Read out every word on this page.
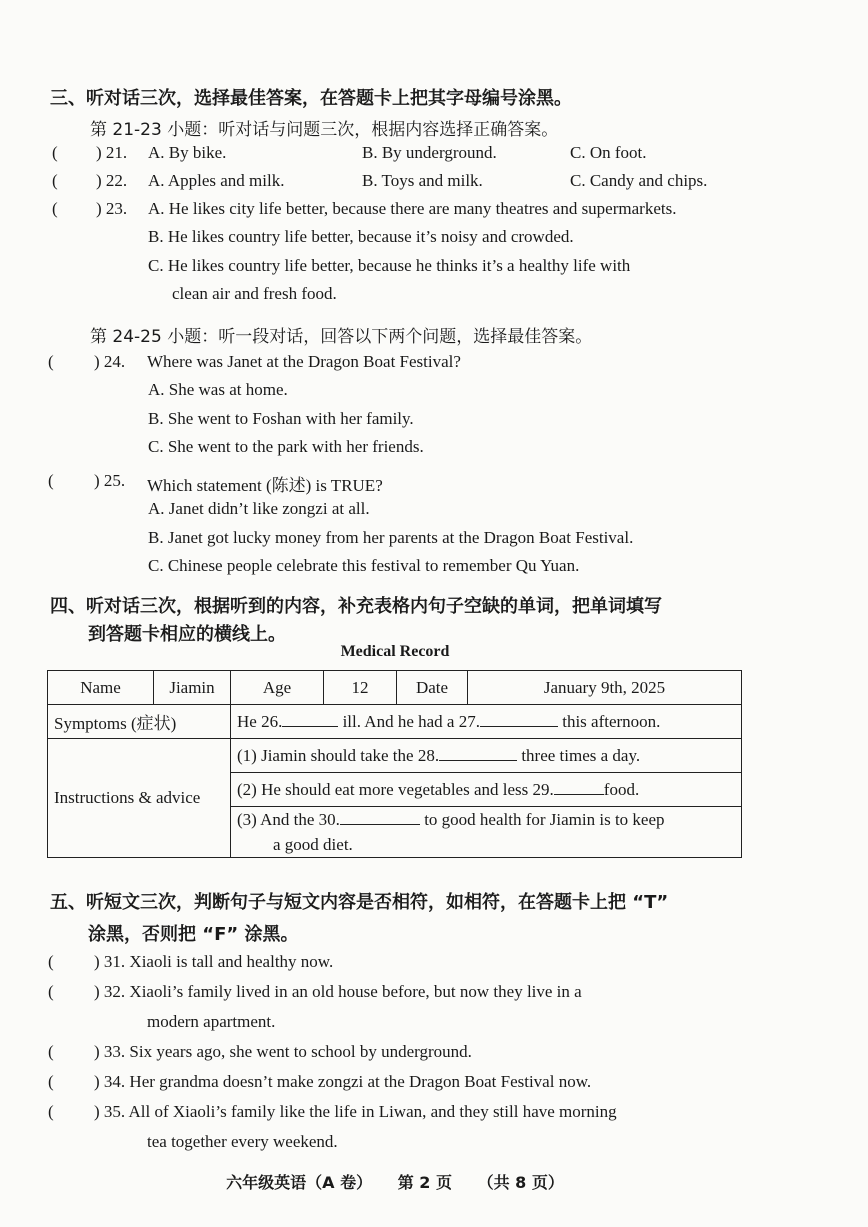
三、听对话三次，选择最佳答案，在答题卡上把其字母编号涂黑。
第 21-23 小题：听对话与问题三次，根据内容选择正确答案。
( ) 21. A. By bike.	B. By underground.	C. On foot.
( ) 22. A. Apples and milk.	B. Toys and milk.	C. Candy and chips.
( ) 23. A. He likes city life better, because there are many theatres and supermarkets.
B. He likes country life better, because it’s noisy and crowded.
C. He likes country life better, because he thinks it’s a healthy life with
clean air and fresh food.
第 24-25 小题：听一段对话，回答以下两个问题，选择最佳答案。
( ) 24. Where was Janet at the Dragon Boat Festival?
A. She was at home.
B. She went to Foshan with her family.
C. She went to the park with her friends.
( ) 25. Which statement (陈述) is TRUE?
A. Janet didn’t like zongzi at all.
B. Janet got lucky money from her parents at the Dragon Boat Festival.
C. Chinese people celebrate this festival to remember Qu Yuan.
四、听对话三次，根据听到的内容，补充表格内句子空缺的单词，把单词填写
到答题卡相应的横线上。
Medical Record
Name	Jiamin	Age	12	Date	January 9th, 2025
Symptoms (症状)		He 26. ill. And he had a 27. this afternoon.			
Instructions & advice		(1) Jiamin should take the 28. three times a day.			
		(2) He should eat more vegetables and less 29. food.			
		(3) And the 30. to good health for Jiamin is to keep
a good diet.			
五、听短文三次，判断句子与短文内容是否相符，如相符，在答题卡上把 “T”
涂黑，否则把 “F” 涂黑。
( ) 31. Xiaoli is tall and healthy now.
( ) 32. Xiaoli’s family lived in an old house before, but now they live in a
modern apartment.
( ) 33. Six years ago, she went to school by underground.
( ) 34. Her grandma doesn’t make zongzi at the Dragon Boat Festival now.
( ) 35. All of Xiaoli’s family like the life in Liwan, and they still have morning
tea together every weekend.
六年级英语（A 卷） 第 2 页 （共 8 页）
